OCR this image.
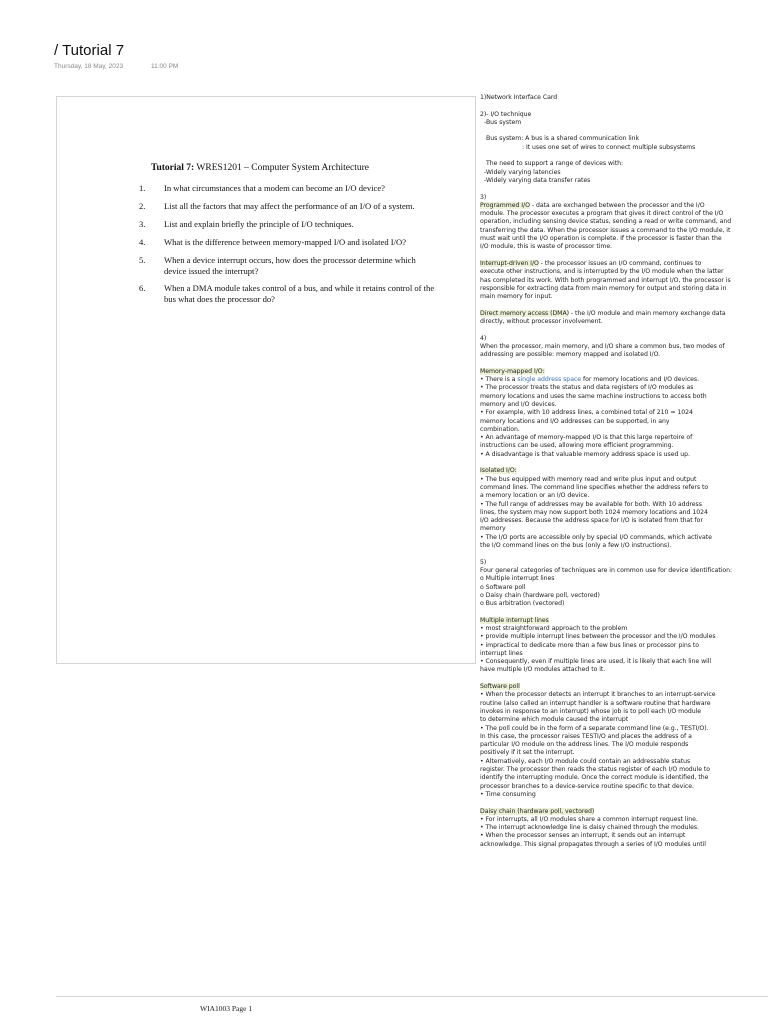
/ Tutorial 7
Thursday, 18 May, 2023	11:00 PM
Tutorial 7: WRES1201 – Computer System Architecture
1. In what circumstances that a modem can become an I/O device?
2. List all the factors that may affect the performance of an I/O of a system.
3. List and explain briefly the principle of I/O techniques.
4. What is the difference between memory-mapped I/O and isolated I/O?
5. When a device interrupt occurs, how does the processor determine which device issued the interrupt?
6. When a DMA module takes control of a bus, and while it retains control of the bus what does the processor do?
1)Network Interface Card
2)- I/O technique
-Bus system
Bus system: A bus is a shared communication link
: It uses one set of wires to connect multiple subsystems
The need to support a range of devices with:
-Widely varying latencies
-Widely varying data transfer rates
3)
Programmed I/O - data are exchanged between the processor and the I/O
module. The processor executes a program that gives it direct control of the I/O
operation, including sensing device status, sending a read or write command, and
transferring the data. When the processor issues a command to the I/O module, it
must wait until the I/O operation is complete. If the processor is faster than the
I/O module, this is waste of processor time.
Interrupt-driven I/O - the processor issues an I/O command, continues to
execute other instructions, and is interrupted by the I/O module when the latter
has completed its work. With both programmed and interrupt I/O, the processor is
responsible for extracting data from main memory for output and storing data in
main memory for input.
Direct memory access (DMA) - the I/O module and main memory exchange data
directly, without processor involvement.
4)
When the processor, main memory, and I/O share a common bus, two modes of
addressing are possible: memory mapped and isolated I/O.
Memory-mapped I/O:
• There is a single address space for memory locations and I/O devices.
• The processor treats the status and data registers of I/O modules as
memory locations and uses the same machine instructions to access both
memory and I/O devices.
• For example, with 10 address lines, a combined total of 210 = 1024
memory locations and I/O addresses can be supported, in any
combination.
• An advantage of memory-mapped I/O is that this large repertoire of
instructions can be used, allowing more efficient programming.
• A disadvantage is that valuable memory address space is used up.
Isolated I/O:
• The bus equipped with memory read and write plus input and output
command lines. The command line specifies whether the address refers to
a memory location or an I/O device.
• The full range of addresses may be available for both. With 10 address
lines, the system may now support both 1024 memory locations and 1024
I/O addresses. Because the address space for I/O is isolated from that for
memory
• The I/O ports are accessible only by special I/O commands, which activate
the I/O command lines on the bus (only a few I/O instructions).
5)
Four general categories of techniques are in common use for device identification:
o Multiple interrupt lines
o Software poll
o Daisy chain (hardware poll, vectored)
o Bus arbitration (vectored)
Multiple interrupt lines
• most straightforward approach to the problem
• provide multiple interrupt lines between the processor and the I/O modules
• impractical to dedicate more than a few bus lines or processor pins to
interrupt lines
• Consequently, even if multiple lines are used, it is likely that each line will
have multiple I/O modules attached to it.
Software poll
• When the processor detects an interrupt it branches to an interrupt-service
routine (also called an interrupt handler is a software routine that hardware
invokes in response to an interrupt) whose job is to poll each I/O module
to determine which module caused the interrupt
• The poll could be in the form of a separate command line (e.g., TESTI/O).
In this case, the processor raises TESTI/O and places the address of a
particular I/O module on the address lines. The I/O module responds
positively if it set the interrupt.
• Alternatively, each I/O module could contain an addressable status
register. The processor then reads the status register of each I/O module to
identify the interrupting module. Once the correct module is identified, the
processor branches to a device-service routine specific to that device.
• Time consuming
Daisy chain (hardware poll, vectored)
• For interrupts, all I/O modules share a common interrupt request line.
• The interrupt acknowledge line is daisy chained through the modules.
• When the processor senses an interrupt, it sends out an interrupt
acknowledge. This signal propagates through a series of I/O modules until
WIA1003 Page 1
